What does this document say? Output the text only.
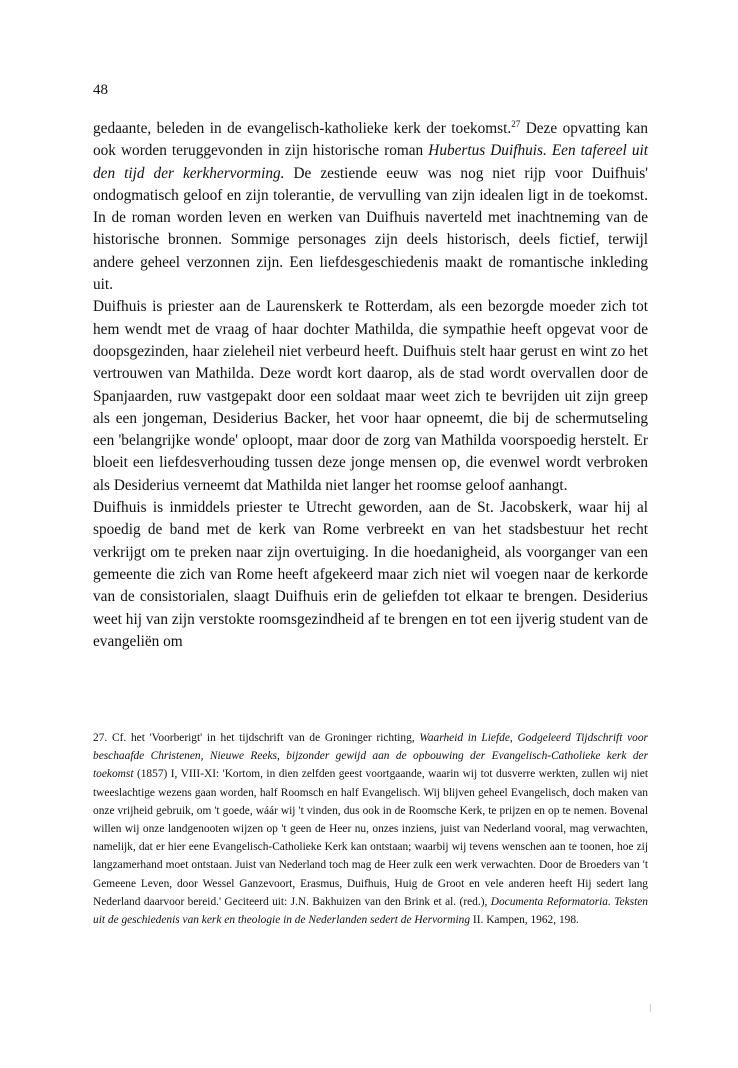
48

gedaante, beleden in de evangelisch-katholieke kerk der toekomst.$^{27}$ Deze opvatting kan ook worden teruggevonden in zijn historische roman Hubertus Duifhuis. Een tafereel uit den tijd der kerkhervorming. De zestiende eeuw was nog niet rijp voor Duifhuis' ondogmatisch geloof en zijn tolerantie, de vervulling van zijn idealen ligt in de toekomst. In de roman worden leven en werken van Duifhuis naverteld met inachtneming van de historische bronnen. Sommige personages zijn deels historisch, deels fictief, terwijl andere geheel verzonnen zijn. Een liefdesgeschiedenis maakt de romantische inkleding uit.

Duifhuis is priester aan de Laurenskerk te Rotterdam, als een bezorgde moeder zich tot hem wendt met de vraag of haar dochter Mathilda, die sympathie heeft opgevat voor de doopsgezinden, haar zieleheil niet verbeurd heeft. Duifhuis stelt haar gerust en wint zo het vertrouwen van Mathilda. Deze wordt kort daarop, als de stad wordt overvallen door de Spanjaarden, ruw vastgepakt door een soldaat maar weet zich te bevrijden uit zijn greep als een jongeman, Desiderius Backer, het voor haar opneemt, die bij de schermutseling een 'belangrijke wonde' oploopt, maar door de zorg van Mathilda voorspoedig herstelt. Er bloeit een liefdesverhouding tussen deze jonge mensen op, die evenwel wordt verbroken als Desiderius verneemt dat Mathilda niet langer het roomse geloof aanhangt.

Duifhuis is inmiddels priester te Utrecht geworden, aan de St. Jacobskerk, waar hij al spoedig de band met de kerk van Rome verbreekt en van het stadsbestuur het recht verkrijgt om te preken naar zijn overtuiging. In die hoedanigheid, als voorganger van een gemeente die zich van Rome heeft afgekeerd maar zich niet wil voegen naar de kerkorde van de consistorialen, slaagt Duifhuis erin de geliefden tot elkaar te brengen. Desiderius weet hij van zijn verstokte roomsgezindheid af te brengen en tot een ijverig student van de evangeliën om

27. Cf. het 'Voorberigt' in het tijdschrift van de Groninger richting, Waarheid in Liefde, Godgeleerd Tijdschrift voor beschaafde Christenen, Nieuwe Reeks, bijzonder gewijd aan de opbouwing der Evangelisch-Catholieke kerk der toekomst (1857) I, VIII-XI: 'Kortom, in dien zelfden geest voortgaande, waarin wij tot dusverre werkten, zullen wij niet tweeslachtige wezens gaan worden, half Roomsch en half Evangelisch. Wij blijven geheel Evangelisch, doch maken van onze vrijheid gebruik, om 't goede, wáár wij 't vinden, dus ook in de Roomsche Kerk, te prijzen en op te nemen. Bovenal willen wij onze landgenooten wijzen op 't geen de Heer nu, onzes inziens, juist van Nederland vooral, mag verwachten, namelijk, dat er hier eene Evangelisch-Catholieke Kerk kan ontstaan; waarbij wij tevens wenschen aan te toonen, hoe zij langzamerhand moet ontstaan. Juist van Nederland toch mag de Heer zulk een werk verwachten. Door de Broeders van 't Gemeene Leven, door Wessel Ganzevoort, Erasmus, Duifhuis, Huig de Groot en vele anderen heeft Hij sedert lang Nederland daarvoor bereid.' Geciteerd uit: J.N. Bakhuizen van den Brink et al. (red.), Documenta Reformatoria. Teksten uit de geschiedenis van kerk en theologie in de Nederlanden sedert de Hervorming II. Kampen, 1962, 198.
